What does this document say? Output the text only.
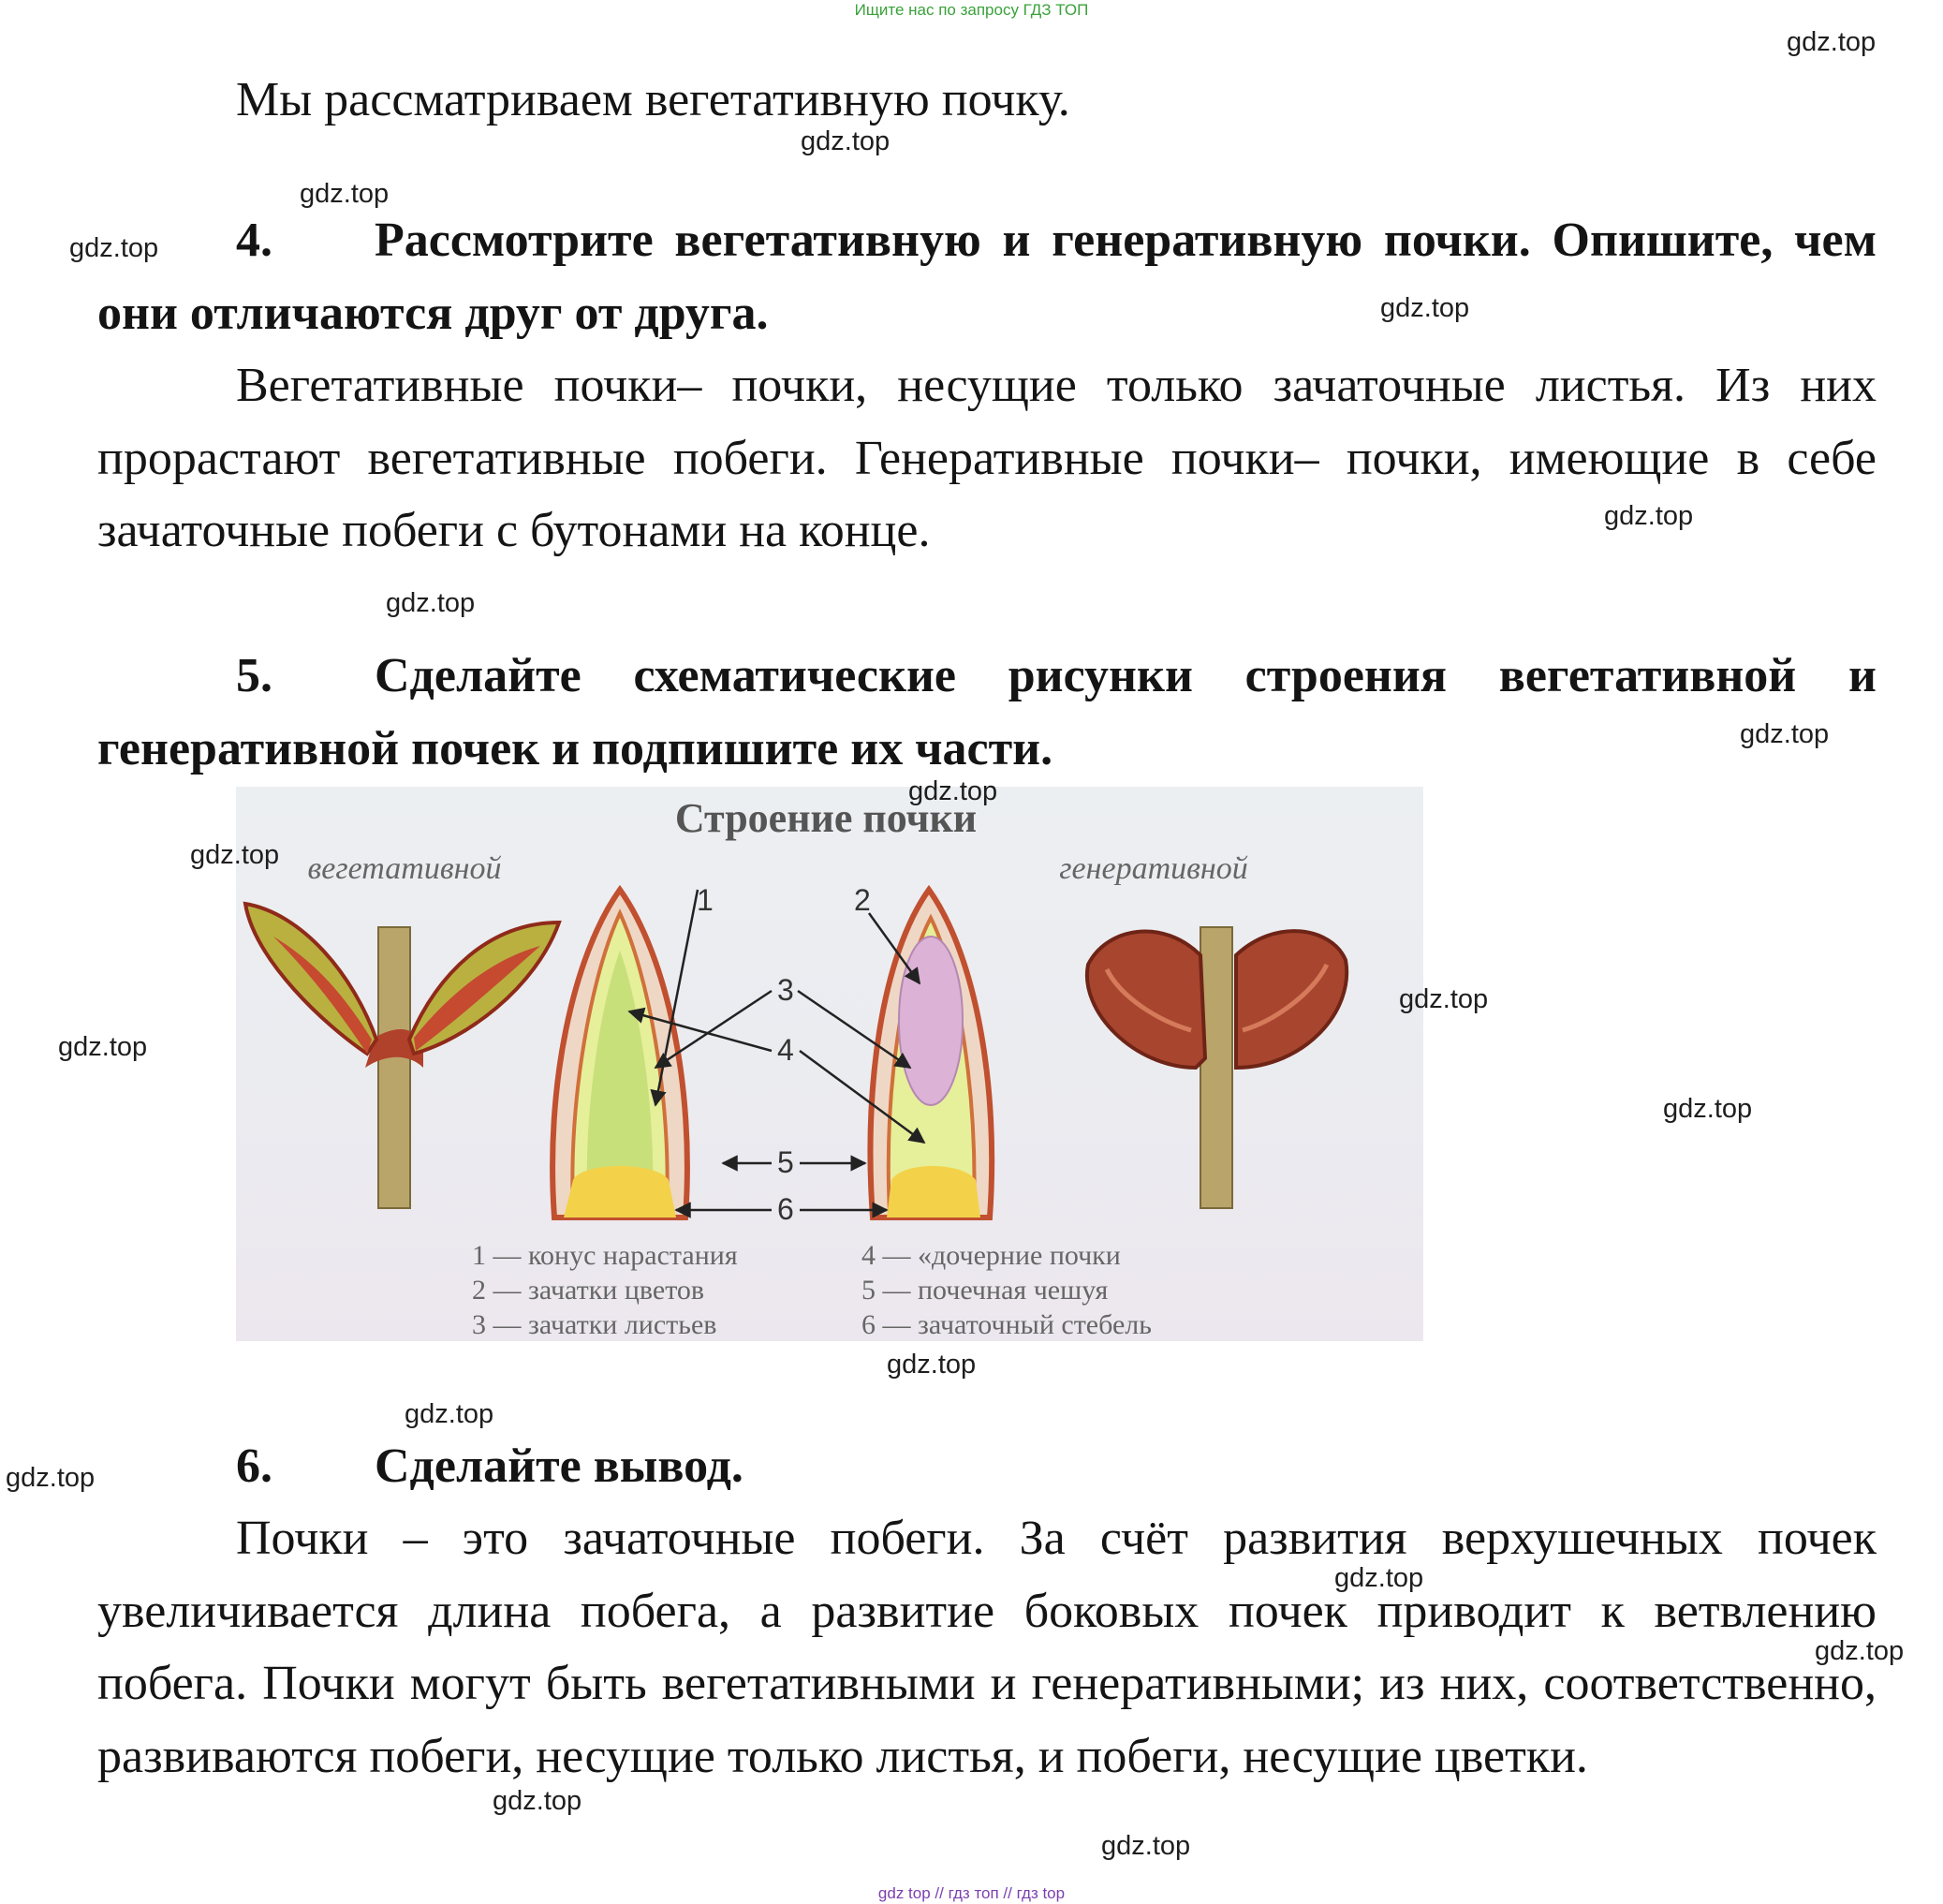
Ищите нас по запросу ГДЗ ТОП
Мы рассматриваем вегетативную почку.
4. Рассмотрите вегетативную и генеративную почки. Опишите, чем они отличаются друг от друга.
Вегетативные почки– почки, несущие только зачаточные листья. Из них прорастают вегетативные побеги. Генеративные почки– почки, имеющие в себе зачаточные побеги с бутонами на конце.
5. Сделайте схематические рисунки строения вегетативной и генеративной почек и подпишите их части.
Строение почки
вегетативной	генеративной
1	2
3
4
5
6
1 — конус нарастания
2 — зачатки цветов
3 — зачатки листьев
4 — «дочерние почки
5 — почечная чешуя
6 — зачаточный стебель
6. Сделайте вывод.
Почки – это зачаточные побеги. За счёт развития верхушечных почек увеличивается длина побега, а развитие боковых почек приводит к ветвлению побега. Почки могут быть вегетативными и генеративными; из них, соответственно, развиваются побеги, несущие только листья, и побеги, несущие цветки.
gdz.top
gdz.top
gdz.top
gdz.top
gdz.top
gdz.top
gdz.top
gdz.top
gdz.top
gdz.top
gdz.top
gdz.top
gdz.top
gdz.top
gdz.top
gdz.top
gdz.top
gdz.top
gdz.top
gdz.top
gdz top // гдз топ // гдз top
